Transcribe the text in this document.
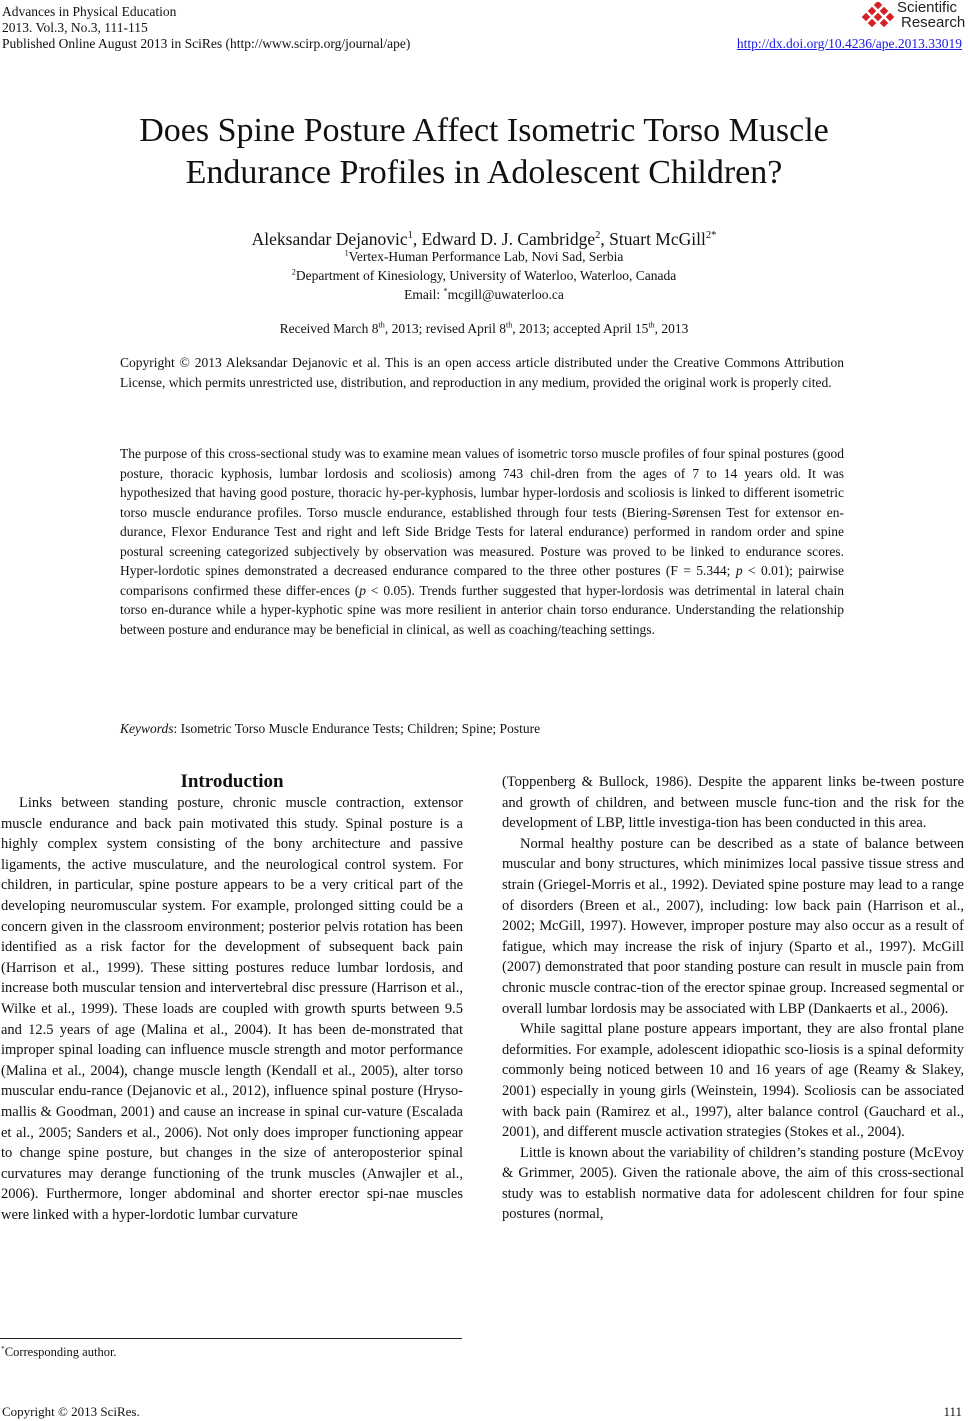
Advances in Physical Education
2013. Vol.3, No.3, 111-115
Published Online August 2013 in SciRes (http://www.scirp.org/journal/ape)	http://dx.doi.org/10.4236/ape.2013.33019
Scientific
Research
Does Spine Posture Affect Isometric Torso Muscle
Endurance Profiles in Adolescent Children?
Aleksandar Dejanovic$^1$, Edward D. J. Cambridge$^2$, Stuart McGill$^{2*}$
$^1$Vertex-Human Performance Lab, Novi Sad, Serbia
$^2$Department of Kinesiology, University of Waterloo, Waterloo, Canada
Email: *mcgill@uwaterloo.ca
Received March 8th, 2013; revised April 8th, 2013; accepted April 15th, 2013
Copyright © 2013 Aleksandar Dejanovic et al. This is an open access article distributed under the Creative Commons Attribution License, which permits unrestricted use, distribution, and reproduction in any medium, provided the original work is properly cited.
The purpose of this cross-sectional study was to examine mean values of isometric torso muscle profiles of four spinal postures (good posture, thoracic kyphosis, lumbar lordosis and scoliosis) among 743 chil-dren from the ages of 7 to 14 years old. It was hypothesized that having good posture, thoracic hy-per-kyphosis, lumbar hyper-lordosis and scoliosis is linked to different isometric torso muscle endurance profiles. Torso muscle endurance, established through four tests (Biering-Sørensen Test for extensor en-durance, Flexor Endurance Test and right and left Side Bridge Tests for lateral endurance) performed in random order and spine postural screening categorized subjectively by observation was measured. Posture was proved to be linked to endurance scores. Hyper-lordotic spines demonstrated a decreased endurance compared to the three other postures (F = 5.344; p < 0.01); pairwise comparisons confirmed these differ-ences (p < 0.05). Trends further suggested that hyper-lordosis was detrimental in lateral chain torso en-durance while a hyper-kyphotic spine was more resilient in anterior chain torso endurance. Understanding the relationship between posture and endurance may be beneficial in clinical, as well as coaching/teaching settings.
Keywords: Isometric Torso Muscle Endurance Tests; Children; Spine; Posture
Introduction

Links between standing posture, chronic muscle contraction, extensor muscle endurance and back pain motivated this study. Spinal posture is a highly complex system consisting of the bony architecture and passive ligaments, the active musculature, and the neurological control system. For children, in particular, spine posture appears to be a very critical part of the developing neuromuscular system. For example, prolonged sitting could be a concern given in the classroom environment; posterior pelvis rotation has been identified as a risk factor for the development of subsequent back pain (Harrison et al., 1999). These sitting postures reduce lumbar lordosis, and increase both muscular tension and intervertebral disc pressure (Harrison et al., Wilke et al., 1999). These loads are coupled with growth spurts between 9.5 and 12.5 years of age (Malina et al., 2004). It has been de-monstrated that improper spinal loading can influence muscle strength and motor performance (Malina et al., 2004), change muscle length (Kendall et al., 2005), alter torso muscular endu-rance (Dejanovic et al., 2012), influence spinal posture (Hryso-mallis & Goodman, 2001) and cause an increase in spinal cur-vature (Escalada et al., 2005; Sanders et al., 2006). Not only does improper functioning appear to change spine posture, but changes in the size of anteroposterior spinal curvatures may derange functioning of the trunk muscles (Anwajler et al., 2006). Furthermore, longer abdominal and shorter erector spi-nae muscles were linked with a hyper-lordotic lumbar curvature

(Toppenberg & Bullock, 1986). Despite the apparent links be-tween posture and growth of children, and between muscle func-tion and the risk for the development of LBP, little investiga-tion has been conducted in this area.

Normal healthy posture can be described as a state of balance between muscular and bony structures, which minimizes local passive tissue stress and strain (Griegel-Morris et al., 1992). Deviated spine posture may lead to a range of disorders (Breen et al., 2007), including: low back pain (Harrison et al., 2002; McGill, 1997). However, improper posture may also occur as a result of fatigue, which may increase the risk of injury (Sparto et al., 1997). McGill (2007) demonstrated that poor standing posture can result in muscle pain from chronic muscle contrac-tion of the erector spinae group. Increased segmental or overall lumbar lordosis may be associated with LBP (Dankaerts et al., 2006).

While sagittal plane posture appears important, they are also frontal plane deformities. For example, adolescent idiopathic sco-liosis is a spinal deformity commonly being noticed between 10 and 16 years of age (Reamy & Slakey, 2001) especially in young girls (Weinstein, 1994). Scoliosis can be associated with back pain (Ramirez et al., 1997), alter balance control (Gauchard et al., 2001), and different muscle activation strategies (Stokes et al., 2004).

Little is known about the variability of children’s standing posture (McEvoy & Grimmer, 2005). Given the rationale above, the aim of this cross-sectional study was to establish normative data for adolescent children for four spine postures (normal,

*Corresponding author.
Copyright © 2013 SciRes.	111
